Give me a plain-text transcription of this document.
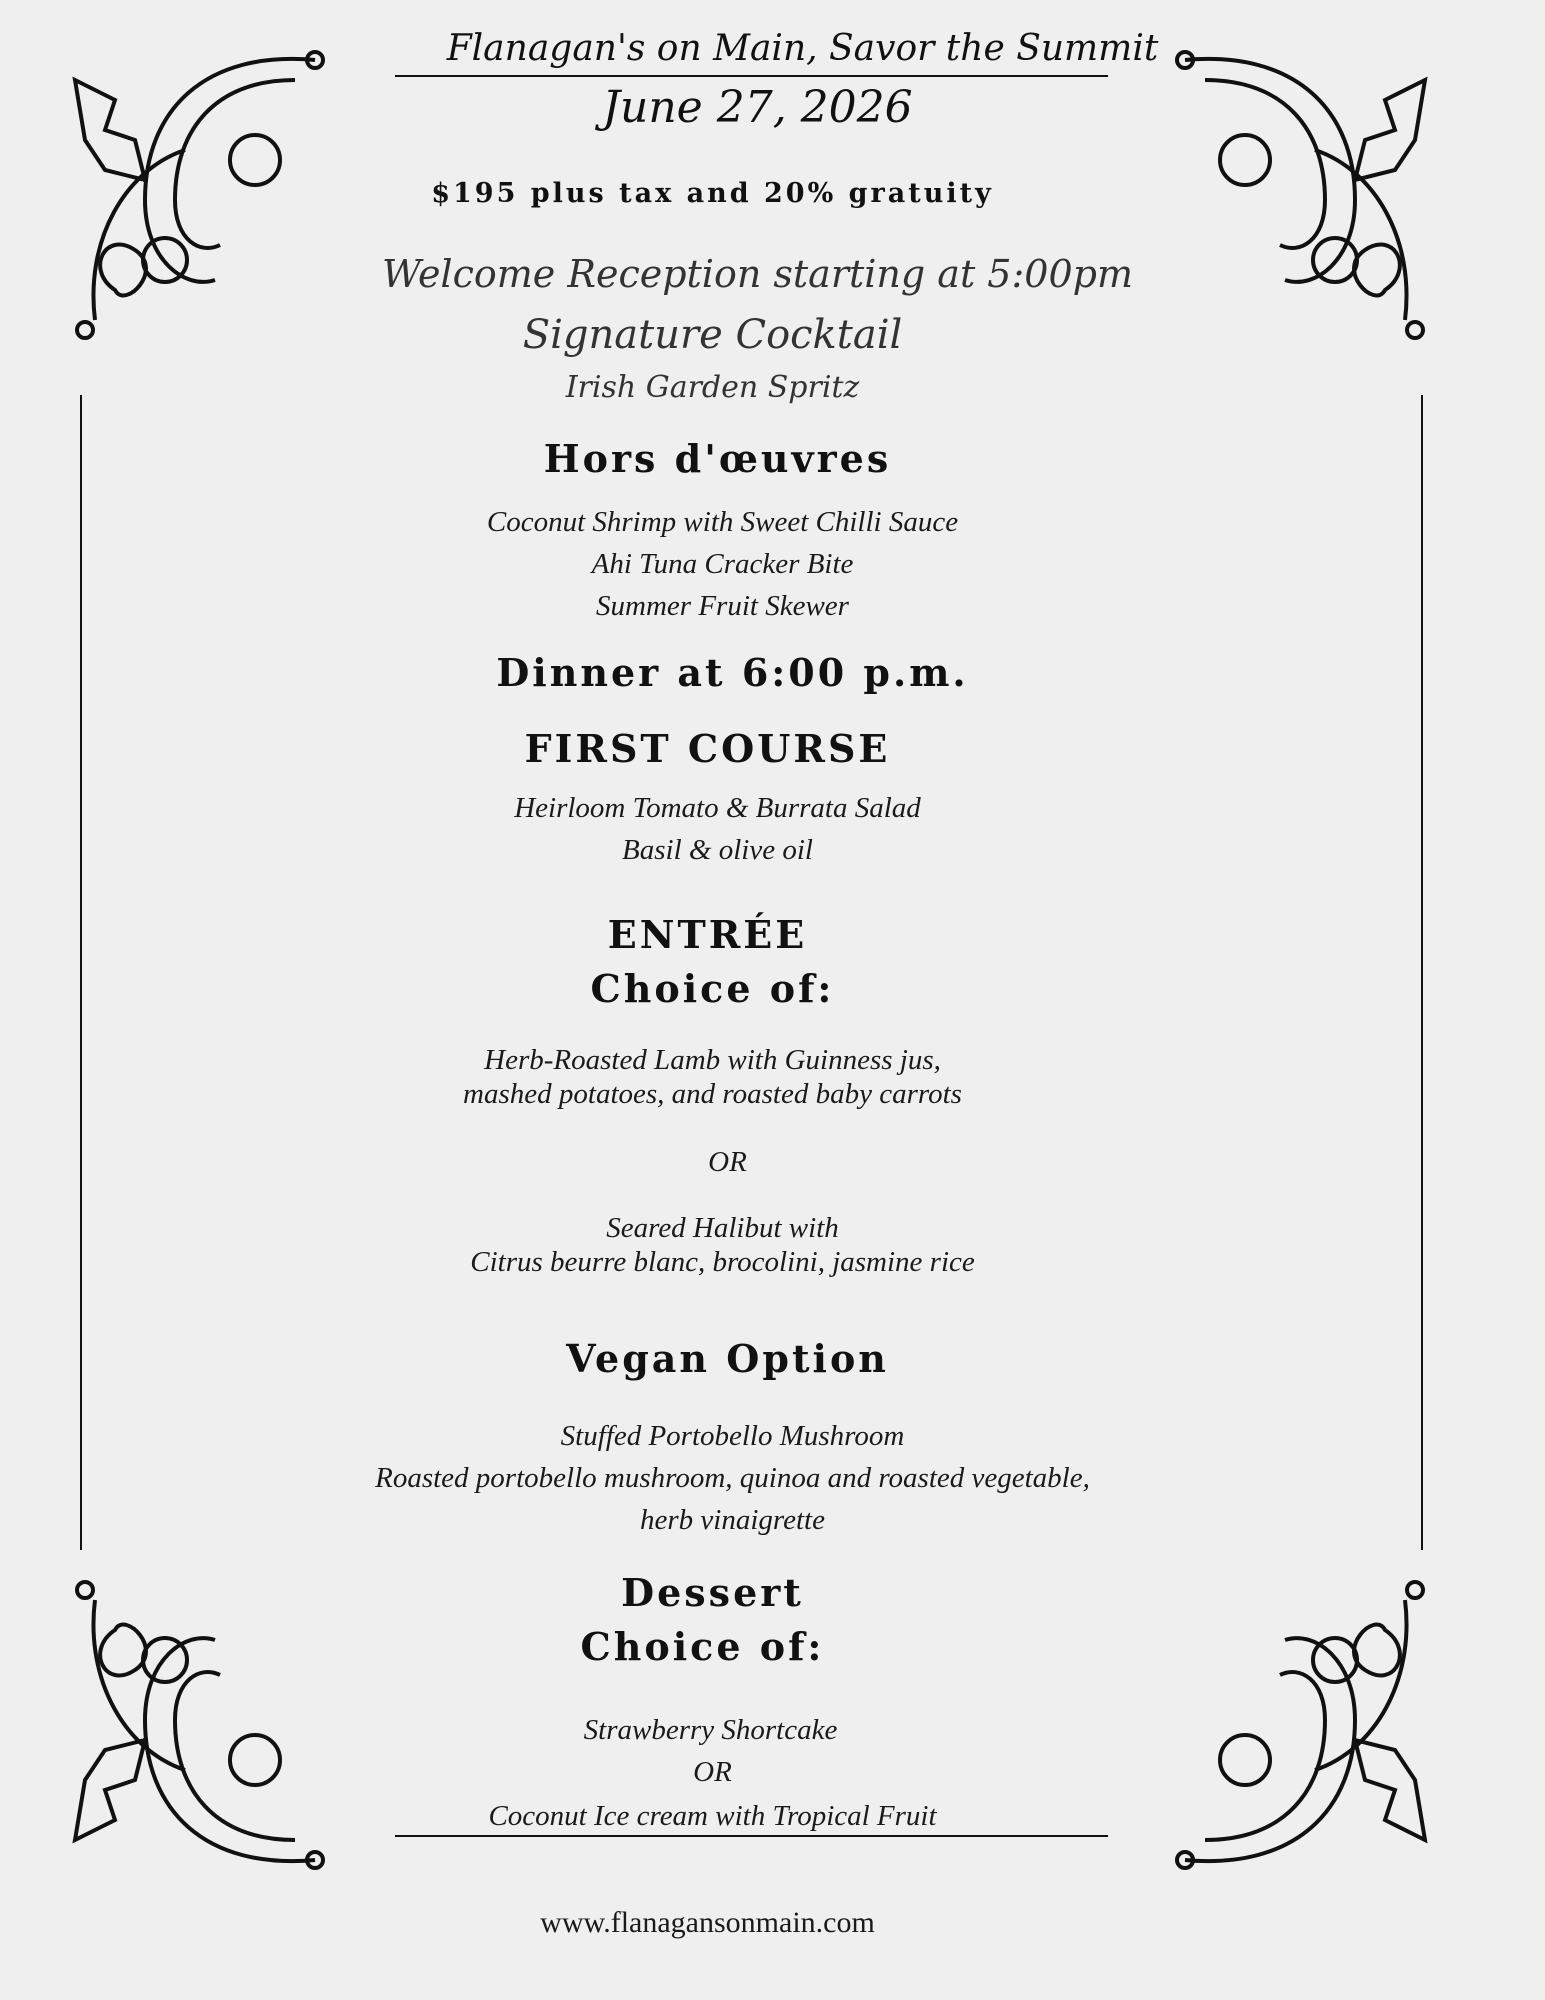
Flanagan's on Main, Savor the Summit
June 27, 2026
$195 plus tax and 20% gratuity
Welcome Reception starting at 5:00pm
Signature Cocktail
Irish Garden Spritz
Hors d'œuvres
Coconut Shrimp with Sweet Chilli Sauce
Ahi Tuna Cracker Bite
Summer Fruit Skewer
Dinner at 6:00 p.m.
FIRST COURSE
Heirloom Tomato & Burrata Salad
Basil & olive oil
ENTRÉE
Choice of:
Herb-Roasted Lamb with Guinness jus,
mashed potatoes, and roasted baby carrots
OR
Seared Halibut with
Citrus beurre blanc, brocolini, jasmine rice
Vegan Option
Stuffed Portobello Mushroom
Roasted portobello mushroom, quinoa and roasted vegetable,
herb vinaigrette
Dessert
Choice of:
Strawberry Shortcake
OR
Coconut Ice cream with Tropical Fruit
www.flanagansonmain.com
